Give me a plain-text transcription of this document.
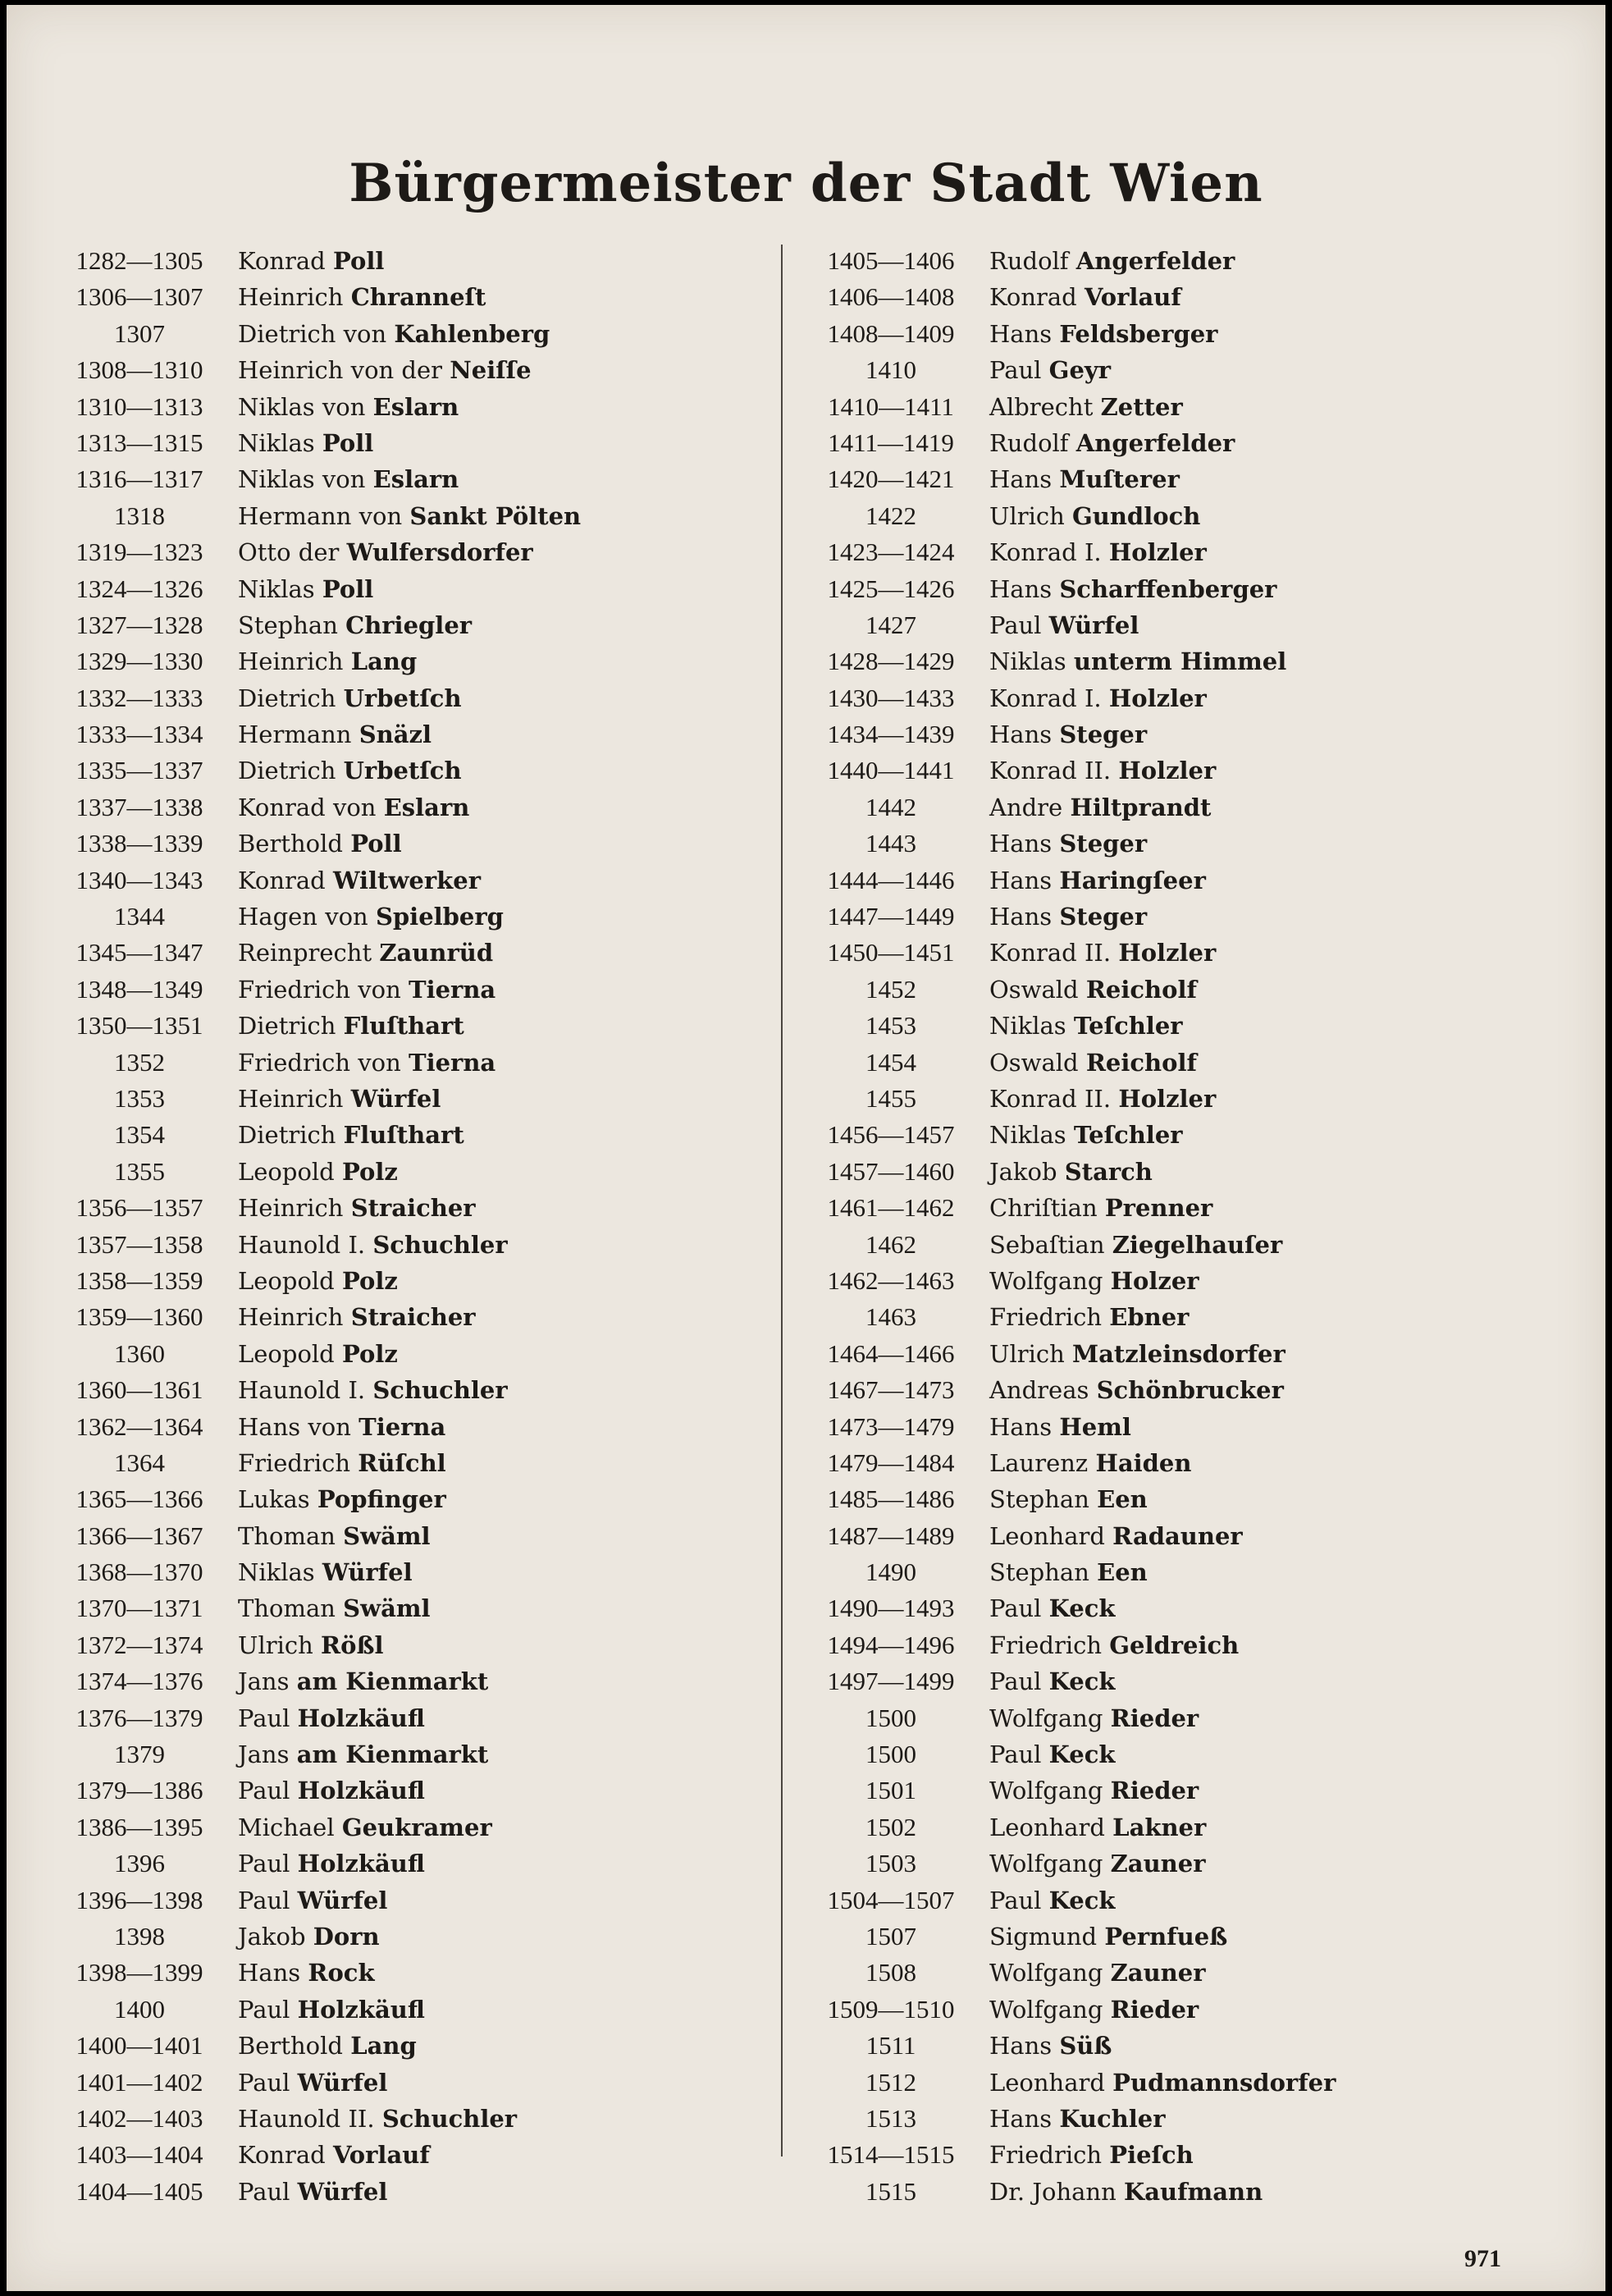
Bürgermeister der Stadt Wien
1282—1305	Konrad Poll
1306—1307	Heinrich Chranneſt
1307	Dietrich von Kahlenberg
1308—1310	Heinrich von der Neiſſe
1310—1313	Niklas von Eslarn
1313—1315	Niklas Poll
1316—1317	Niklas von Eslarn
1318	Hermann von Sankt Pölten
1319—1323	Otto der Wulfersdorfer
1324—1326	Niklas Poll
1327—1328	Stephan Chriegler
1329—1330	Heinrich Lang
1332—1333	Dietrich Urbetſch
1333—1334	Hermann Snäzl
1335—1337	Dietrich Urbetſch
1337—1338	Konrad von Eslarn
1338—1339	Berthold Poll
1340—1343	Konrad Wiltwerker
1344	Hagen von Spielberg
1345—1347	Reinprecht Zaunrüd
1348—1349	Friedrich von Tierna
1350—1351	Dietrich Fluſthart
1352	Friedrich von Tierna
1353	Heinrich Würfel
1354	Dietrich Fluſthart
1355	Leopold Polz
1356—1357	Heinrich Straicher
1357—1358	Haunold I. Schuchler
1358—1359	Leopold Polz
1359—1360	Heinrich Straicher
1360	Leopold Polz
1360—1361	Haunold I. Schuchler
1362—1364	Hans von Tierna
1364	Friedrich Rüſchl
1365—1366	Lukas Popfinger
1366—1367	Thoman Swäml
1368—1370	Niklas Würfel
1370—1371	Thoman Swäml
1372—1374	Ulrich Rößl
1374—1376	Jans am Kienmarkt
1376—1379	Paul Holzkäufl
1379	Jans am Kienmarkt
1379—1386	Paul Holzkäufl
1386—1395	Michael Geukramer
1396	Paul Holzkäufl
1396—1398	Paul Würfel
1398	Jakob Dorn
1398—1399	Hans Rock
1400	Paul Holzkäufl
1400—1401	Berthold Lang
1401—1402	Paul Würfel
1402—1403	Haunold II. Schuchler
1403—1404	Konrad Vorlauf
1404—1405	Paul Würfel
1405—1406	Rudolf Angerfelder
1406—1408	Konrad Vorlauf
1408—1409	Hans Feldsberger
1410	Paul Geyr
1410—1411	Albrecht Zetter
1411—1419	Rudolf Angerfelder
1420—1421	Hans Muſterer
1422	Ulrich Gundloch
1423—1424	Konrad I. Holzler
1425—1426	Hans Scharffenberger
1427	Paul Würfel
1428—1429	Niklas unterm Himmel
1430—1433	Konrad I. Holzler
1434—1439	Hans Steger
1440—1441	Konrad II. Holzler
1442	Andre Hiltprandt
1443	Hans Steger
1444—1446	Hans Haringſeer
1447—1449	Hans Steger
1450—1451	Konrad II. Holzler
1452	Oswald Reicholf
1453	Niklas Teſchler
1454	Oswald Reicholf
1455	Konrad II. Holzler
1456—1457	Niklas Teſchler
1457—1460	Jakob Starch
1461—1462	Chriſtian Prenner
1462	Sebaſtian Ziegelhauſer
1462—1463	Wolfgang Holzer
1463	Friedrich Ebner
1464—1466	Ulrich Matzleinsdorfer
1467—1473	Andreas Schönbrucker
1473—1479	Hans Heml
1479—1484	Laurenz Haiden
1485—1486	Stephan Een
1487—1489	Leonhard Radauner
1490	Stephan Een
1490—1493	Paul Keck
1494—1496	Friedrich Geldreich
1497—1499	Paul Keck
1500	Wolfgang Rieder
1500	Paul Keck
1501	Wolfgang Rieder
1502	Leonhard Lakner
1503	Wolfgang Zauner
1504—1507	Paul Keck
1507	Sigmund Pernfueß
1508	Wolfgang Zauner
1509—1510	Wolfgang Rieder
1511	Hans Süß
1512	Leonhard Pudmannsdorfer
1513	Hans Kuchler
1514—1515	Friedrich Pieſch
1515	Dr. Johann Kaufmann
971
